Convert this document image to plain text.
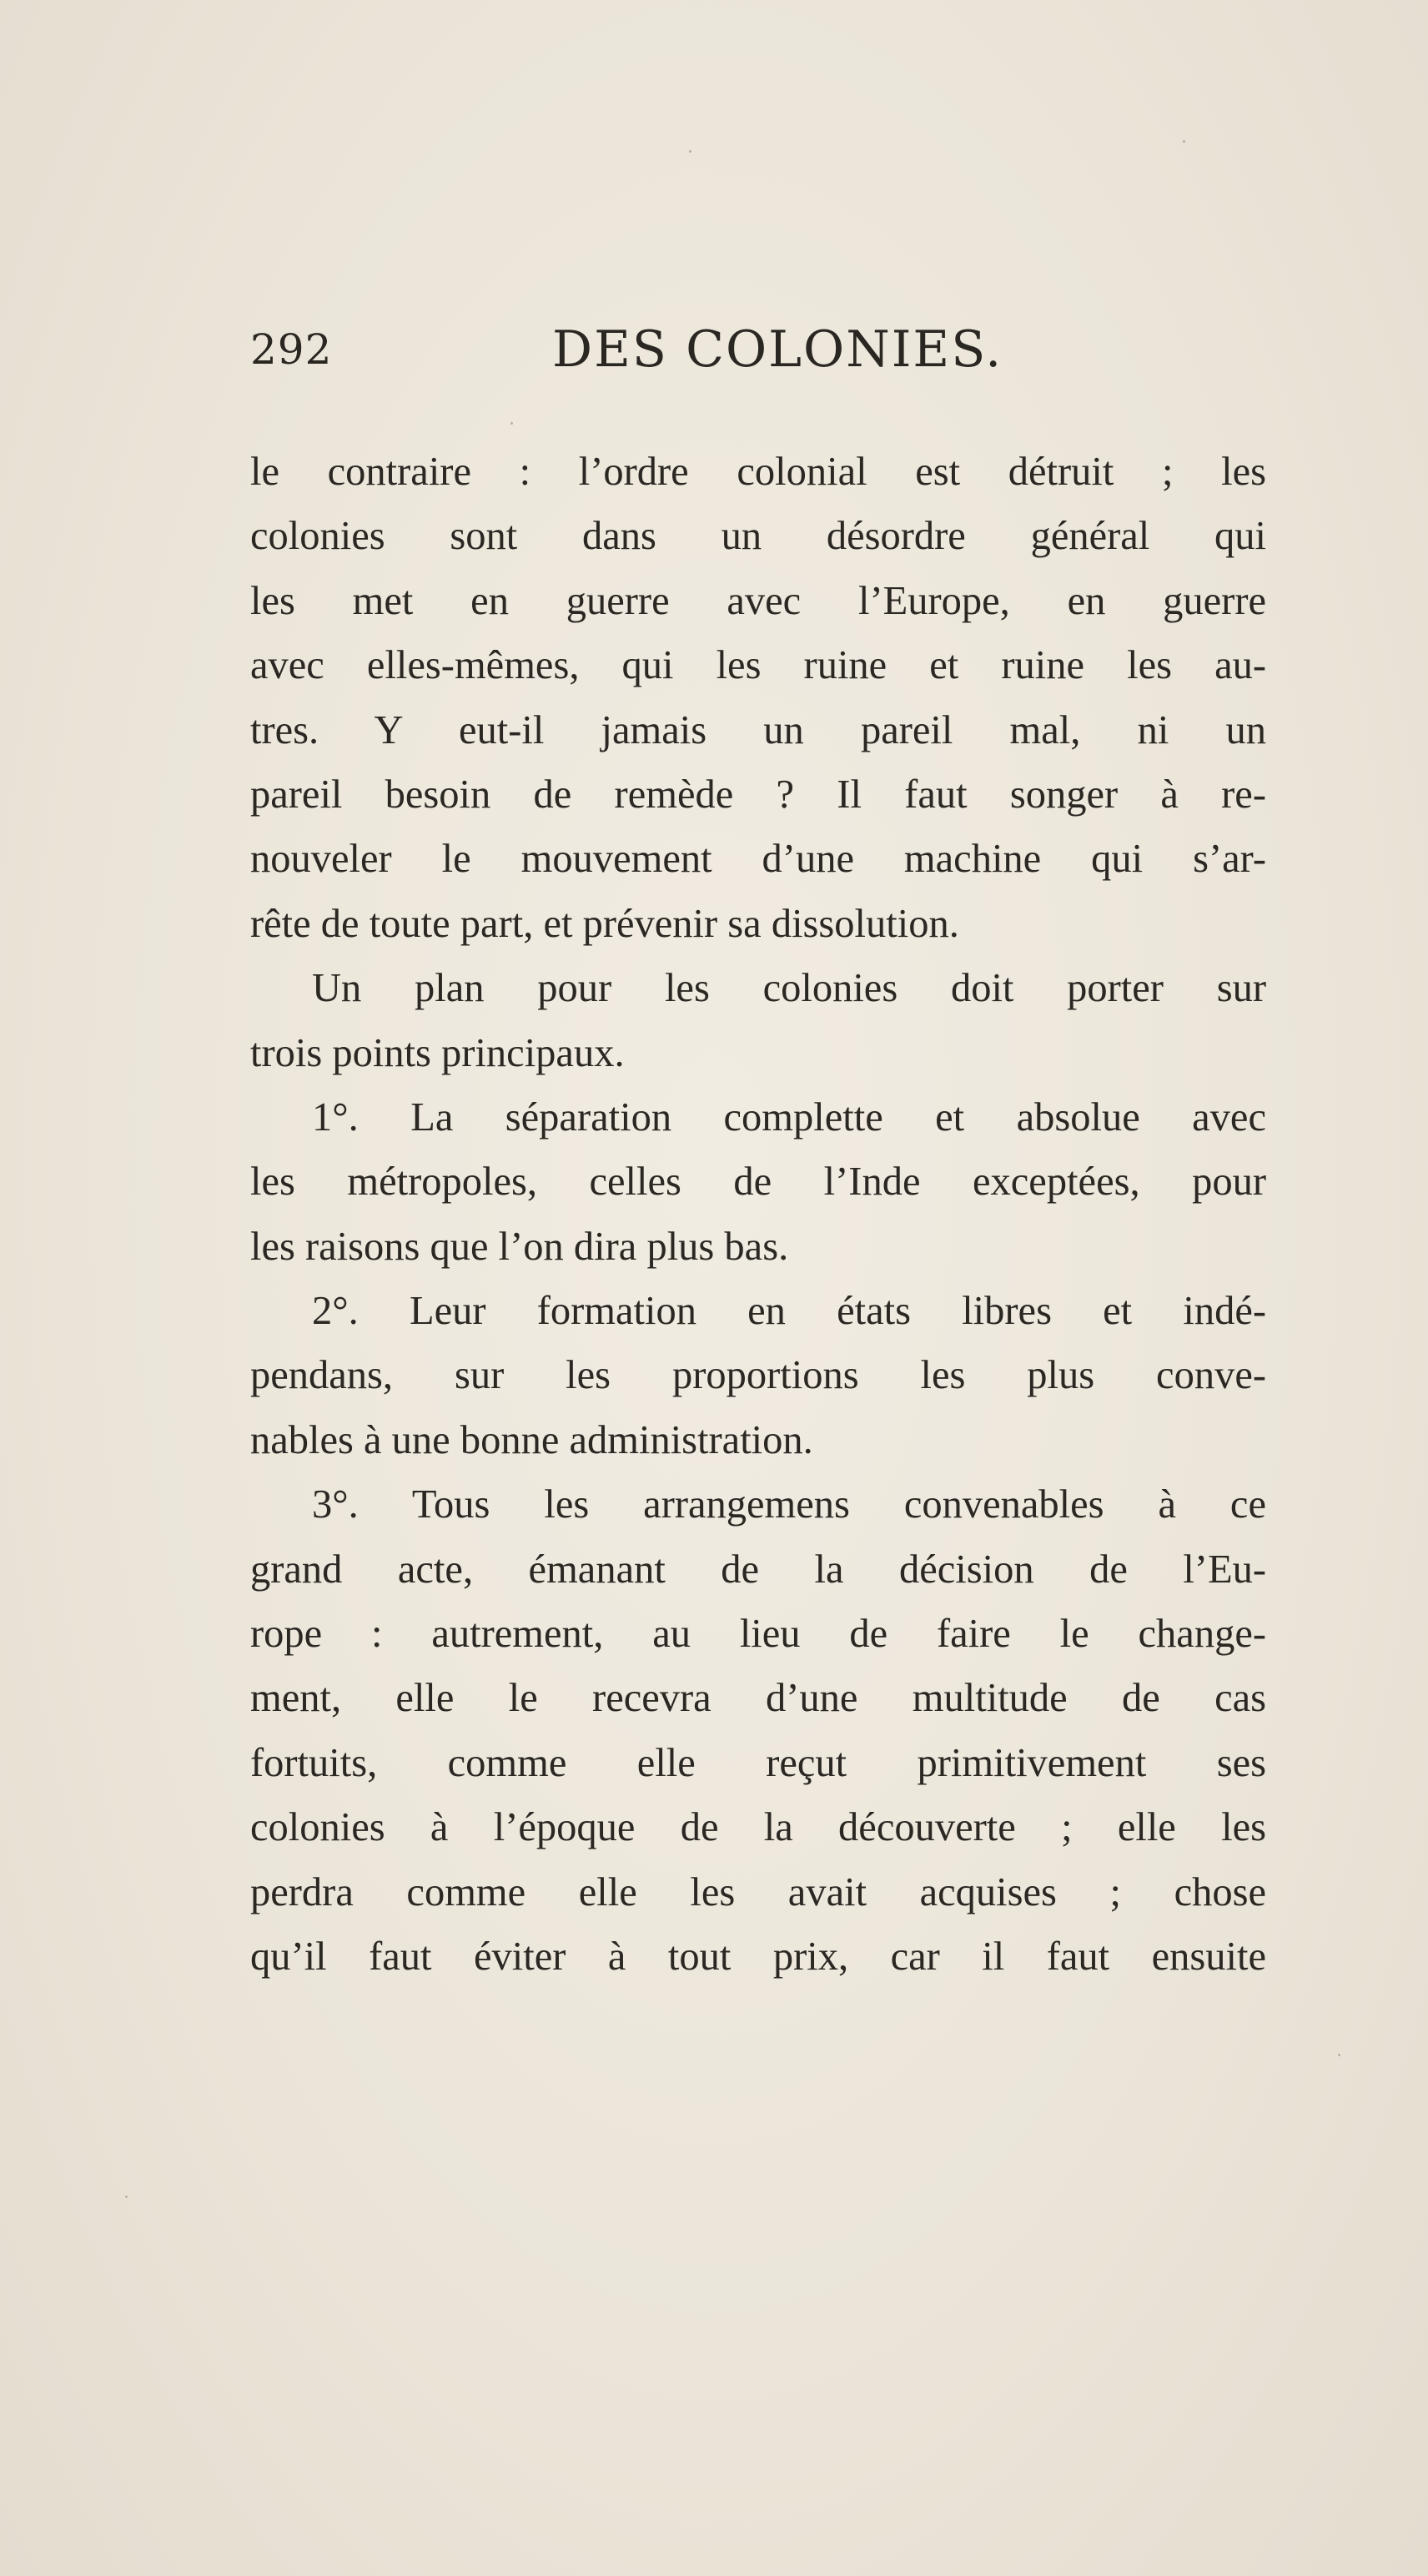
292	DES COLONIES.
le contraire : l’ordre colonial est détruit ; les
colonies sont dans un désordre général qui
les met en guerre avec l’Europe, en guerre
avec elles-mêmes, qui les ruine et ruine les au-
tres. Y eut-il jamais un pareil mal, ni un
pareil besoin de remède ? Il faut songer à re-
nouveler le mouvement d’une machine qui s’ar-
rête de toute part, et prévenir sa dissolution.
Un plan pour les colonies doit porter sur
trois points principaux.
1°. La séparation complette et absolue avec
les métropoles, celles de l’Inde exceptées, pour
les raisons que l’on dira plus bas.
2°. Leur formation en états libres et indé-
pendans, sur les proportions les plus conve-
nables à une bonne administration.
3°. Tous les arrangemens convenables à ce
grand acte, émanant de la décision de l’Eu-
rope : autrement, au lieu de faire le change-
ment, elle le recevra d’une multitude de cas
fortuits, comme elle reçut primitivement ses
colonies à l’époque de la découverte ; elle les
perdra comme elle les avait acquises ; chose
qu’il faut éviter à tout prix, car il faut ensuite
